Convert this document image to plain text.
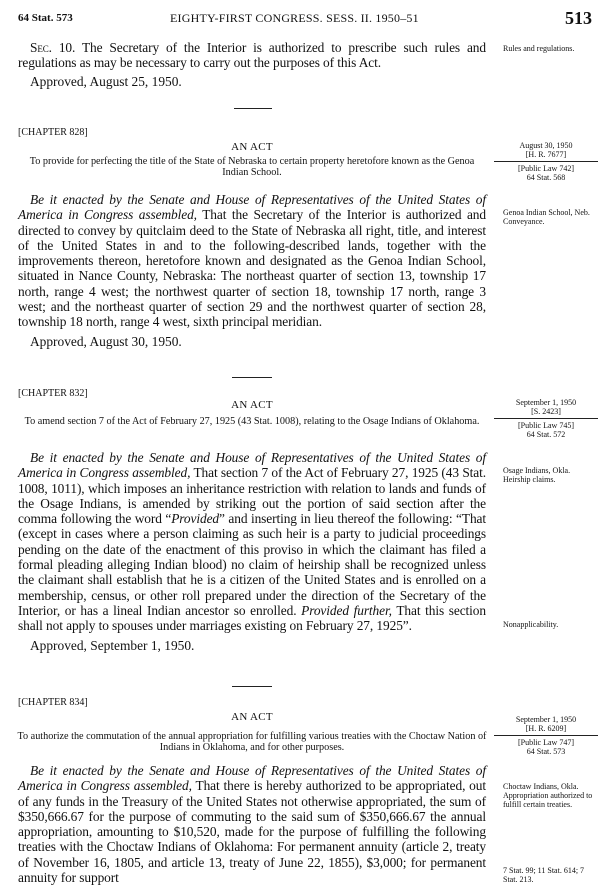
64 Stat. 573	EIGHTY-FIRST CONGRESS. SESS. II. 1950–51	513

Sec. 10. The Secretary of the Interior is authorized to prescribe such rules and regulations as may be necessary to carry out the purposes of this Act.

Approved, August 25, 1950.

Rules and regulations.
[CHAPTER 828]
AN ACT

To provide for perfecting the title of the State of Nebraska to certain property heretofore known as the Genoa Indian School.

August 30, 1950
[H. R. 7677]
[Public Law 742]
64 Stat. 568

Be it enacted by the Senate and House of Representatives of the United States of America in Congress assembled, That the Secretary of the Interior is authorized and directed to convey by quitclaim deed to the State of Nebraska all right, title, and interest of the United States in and to the following-described lands, together with the improvements thereon, heretofore known and designated as the Genoa Indian School, situated in Nance County, Nebraska: The northeast quarter of section 13, township 17 north, range 4 west; the northwest quarter of section 18, township 17 north, range 3 west; and the northeast quarter of section 29 and the northwest quarter of section 28, township 18 north, range 4 west, sixth principal meridian.

Approved, August 30, 1950.

Genoa Indian School, Neb. Conveyance.
[CHAPTER 832]
AN ACT

To amend section 7 of the Act of February 27, 1925 (43 Stat. 1008), relating to the Osage Indians of Oklahoma.

September 1, 1950
[S. 2423]
[Public Law 745]
64 Stat. 572

Be it enacted by the Senate and House of Representatives of the United States of America in Congress assembled, That section 7 of the Act of February 27, 1925 (43 Stat. 1008, 1011), which imposes an inheritance restriction with relation to lands and funds of the Osage Indians, is amended by striking out the portion of said section after the comma following the word “Provided” and inserting in lieu thereof the following: “That (except in cases where a person claiming as such heir is a party to judicial proceedings pending on the date of the enactment of this proviso in which the claimant has filed a formal pleading alleging Indian blood) no claim of heirship shall be recognized unless the claimant shall establish that he is a citizen of the United States and is enrolled on a membership, census, or other roll prepared under the direction of the Secretary of the Interior, or has a lineal Indian ancestor so enrolled. Provided further, That this section shall not apply to spouses under marriages existing on February 27, 1925”.

Approved, September 1, 1950.

Osage Indians, Okla. Heirship claims.
Nonapplicability.
[CHAPTER 834]
AN ACT

To authorize the commutation of the annual appropriation for fulfilling various treaties with the Choctaw Nation of Indians in Oklahoma, and for other purposes.

September 1, 1950
[H. R. 6209]
[Public Law 747]
64 Stat. 573

Be it enacted by the Senate and House of Representatives of the United States of America in Congress assembled, That there is hereby authorized to be appropriated, out of any funds in the Treasury of the United States not otherwise appropriated, the sum of $350,666.67 for the purpose of commuting to the said sum of $350,666.67 the annual appropriation, amounting to $10,520, made for the purpose of fulfilling the following treaties with the Choctaw Indians of Oklahoma: For permanent annuity (article 2, treaty of November 16, 1805, and article 13, treaty of June 22, 1855), $3,000; for permanent annuity for support

Choctaw Indians, Okla. Appropriation authorized to fulfill certain treaties.
7 Stat. 99; 11 Stat. 614; 7 Stat. 213.
